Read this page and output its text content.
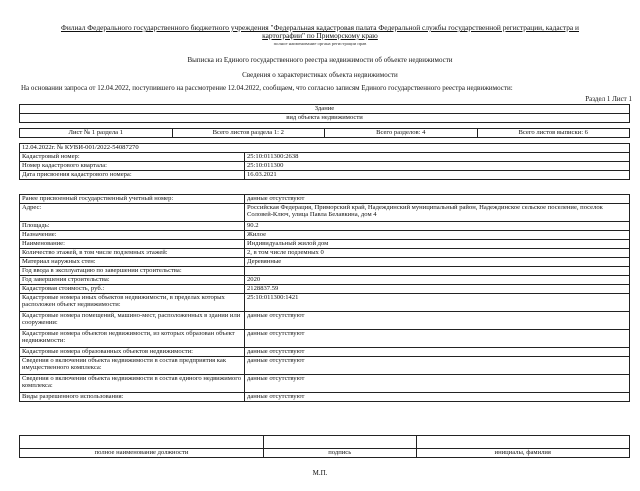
Филиал Федерального государственного бюджетного учреждения "Федеральная кадастровая палата Федеральной службы государственной регистрации, кадастра и
картографии" по Приморскому краю
полное наименование органа регистрации прав
Выписка из Единого государственного реестра недвижимости об объекте недвижимости
Сведения о характеристиках объекта недвижимости
На основании запроса от 12.04.2022, поступившего на рассмотрение 12.04.2022, сообщаем, что согласно записям Единого государственного реестра недвижимости:
Раздел 1 Лист 1
Здание
вид объекта недвижимости
Лист № 1 раздела 1	Всего листов раздела 1: 2	Всего разделов: 4	Всего листов выписки: 6
12.04.2022г. № КУВИ-001/2022-54087270	
Кадастровый номер:	25:10:011300:2638
Номер кадастрового квартала:	25:10:011300
Дата присвоения кадастрового номера:	16.03.2021
Ранее присвоенный государственный учетный номер:	данные отсутствуют
Адрес:	Российская Федерация, Приморский край, Надеждинский муниципальный район, Надеждинское сельское поселение, поселок Соловей-Ключ, улица Павла Белавкина, дом 4
Площадь:	90.2
Назначение:	Жилое
Наименование:	Индивидуальный жилой дом
Количество этажей, в том числе подземных этажей:	2, в том числе подземных 0
Материал наружных стен:	Деревянные
Год ввода в эксплуатацию по завершении строительства:	
Год завершения строительства:	2020
Кадастровая стоимость, руб.:	2128837.59
Кадастровые номера иных объектов недвижимости, в пределах которых расположен объект недвижимости:	25:10:011300:1421
Кадастровые номера помещений, машино-мест, расположенных в здании или сооружении:	данные отсутствуют
Кадастровые номера объектов недвижимости, из которых образован объект недвижимости:	данные отсутствуют
Кадастровые номера образованных объектов недвижимости:	данные отсутствуют
Сведения о включении объекта недвижимости в состав предприятия как имущественного комплекса:	данные отсутствуют
Сведения о включении объекта недвижимости в состав единого недвижимого комплекса:	данные отсутствуют
Виды разрешенного использования:	данные отсутствуют

полное наименование должности	подпись	инициалы, фамилия
М.П.
